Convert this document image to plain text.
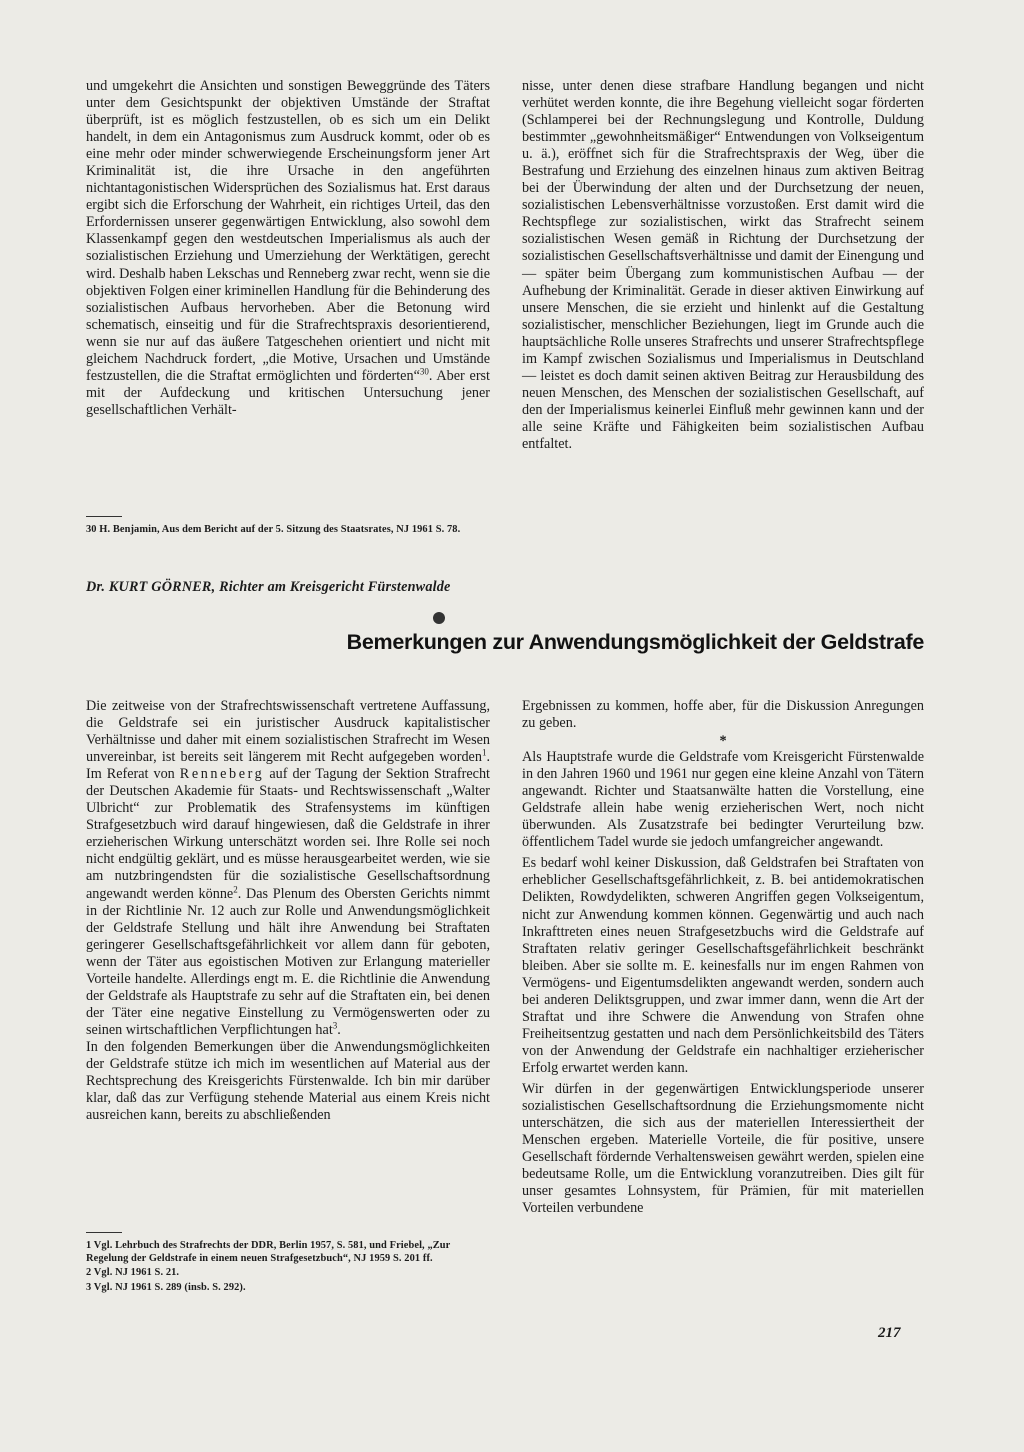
und umgekehrt die Ansichten und sonstigen Beweggründe des Täters unter dem Gesichtspunkt der objektiven Umstände der Straftat überprüft, ist es möglich festzustellen, ob es sich um ein Delikt handelt, in dem ein Antagonismus zum Ausdruck kommt, oder ob es eine mehr oder minder schwerwiegende Erscheinungsform jener Art Kriminalität ist, die ihre Ursache in den angeführten nichtantagonistischen Widersprüchen des Sozialismus hat. Erst daraus ergibt sich die Erforschung der Wahrheit, ein richtiges Urteil, das den Erfordernissen unserer gegenwärtigen Entwicklung, also sowohl dem Klassenkampf gegen den westdeutschen Imperialismus als auch der sozialistischen Erziehung und Umerziehung der Werktätigen, gerecht wird. Deshalb haben Lekschas und Renneberg zwar recht, wenn sie die objektiven Folgen einer kriminellen Handlung für die Behinderung des sozialistischen Aufbaus hervorheben. Aber die Betonung wird schematisch, einseitig und für die Strafrechtspraxis desorientierend, wenn sie nur auf das äußere Tatgeschehen orientiert und nicht mit gleichem Nachdruck fordert, „die Motive, Ursachen und Umstände festzustellen, die die Straftat ermöglichten und förderten“$^{30}$. Aber erst mit der Aufdeckung und kritischen Untersuchung jener gesellschaftlichen Verhält-

30 H. Benjamin, Aus dem Bericht auf der 5. Sitzung des Staatsrates, NJ 1961 S. 78.

nisse, unter denen diese strafbare Handlung begangen und nicht verhütet werden konnte, die ihre Begehung vielleicht sogar förderten (Schlamperei bei der Rechnungslegung und Kontrolle, Duldung bestimmter „gewohnheitsmäßiger“ Entwendungen von Volkseigentum u. ä.), eröffnet sich für die Strafrechtspraxis der Weg, über die Bestrafung und Erziehung des einzelnen hinaus zum aktiven Beitrag bei der Überwindung der alten und der Durchsetzung der neuen, sozialistischen Lebensverhältnisse vorzustoßen. Erst damit wird die Rechtspflege zur sozialistischen, wirkt das Strafrecht seinem sozialistischen Wesen gemäß in Richtung der Durchsetzung der sozialistischen Gesellschaftsverhältnisse und damit der Einengung und — später beim Übergang zum kommunistischen Aufbau — der Aufhebung der Kriminalität. Gerade in dieser aktiven Einwirkung auf unsere Menschen, die sie erzieht und hinlenkt auf die Gestaltung sozialistischer, menschlicher Beziehungen, liegt im Grunde auch die hauptsächliche Rolle unseres Strafrechts und unserer Strafrechtspflege im Kampf zwischen Sozialismus und Imperialismus in Deutschland — leistet es doch damit seinen aktiven Beitrag zur Herausbildung des neuen Menschen, des Menschen der sozialistischen Gesellschaft, auf den der Imperialismus keinerlei Einfluß mehr gewinnen kann und der alle seine Kräfte und Fähigkeiten beim sozialistischen Aufbau entfaltet.

Dr. KURT GÖRNER, Richter am Kreisgericht Fürstenwalde
Bemerkungen zur Anwendungsmöglichkeit der Geldstrafe

Die zeitweise von der Strafrechtswissenschaft vertretene Auffassung, die Geldstrafe sei ein juristischer Ausdruck kapitalistischer Verhältnisse und daher mit einem sozialistischen Strafrecht im Wesen unvereinbar, ist bereits seit längerem mit Recht aufgegeben worden$^1$. Im Referat von Renneberg auf der Tagung der Sektion Strafrecht der Deutschen Akademie für Staats- und Rechtswissenschaft „Walter Ulbricht“ zur Problematik des Strafensystems im künftigen Strafgesetzbuch wird darauf hingewiesen, daß die Geldstrafe in ihrer erzieherischen Wirkung unterschätzt worden sei. Ihre Rolle sei noch nicht endgültig geklärt, und es müsse herausgearbeitet werden, wie sie am nutzbringendsten für die sozialistische Gesellschaftsordnung angewandt werden könne$^2$. Das Plenum des Obersten Gerichts nimmt in der Richtlinie Nr. 12 auch zur Rolle und Anwendungsmöglichkeit der Geldstrafe Stellung und hält ihre Anwendung bei Straftaten geringerer Gesellschaftsgefährlichkeit vor allem dann für geboten, wenn der Täter aus egoistischen Motiven zur Erlangung materieller Vorteile handelte. Allerdings engt m. E. die Richtlinie die Anwendung der Geldstrafe als Hauptstrafe zu sehr auf die Straftaten ein, bei denen der Täter eine negative Einstellung zu Vermögenswerten oder zu seinen wirtschaftlichen Verpflichtungen hat$^3$.

In den folgenden Bemerkungen über die Anwendungsmöglichkeiten der Geldstrafe stütze ich mich im wesentlichen auf Material aus der Rechtsprechung des Kreisgerichts Fürstenwalde. Ich bin mir darüber klar, daß das zur Verfügung stehende Material aus einem Kreis nicht ausreichen kann, bereits zu abschließenden

1 Vgl. Lehrbuch des Strafrechts der DDR, Berlin 1957, S. 581, und Friebel, „Zur Regelung der Geldstrafe in einem neuen Strafgesetzbuch“, NJ 1959 S. 201 ff.
2 Vgl. NJ 1961 S. 21.
3 Vgl. NJ 1961 S. 289 (insb. S. 292).

Ergebnissen zu kommen, hoffe aber, für die Diskussion Anregungen zu geben.

*

Als Hauptstrafe wurde die Geldstrafe vom Kreisgericht Fürstenwalde in den Jahren 1960 und 1961 nur gegen eine kleine Anzahl von Tätern angewandt. Richter und Staatsanwälte hatten die Vorstellung, eine Geldstrafe allein habe wenig erzieherischen Wert, noch nicht überwunden. Als Zusatzstrafe bei bedingter Verurteilung bzw. öffentlichem Tadel wurde sie jedoch umfangreicher angewandt.

Es bedarf wohl keiner Diskussion, daß Geldstrafen bei Straftaten von erheblicher Gesellschaftsgefährlichkeit, z. B. bei antidemokratischen Delikten, Rowdydelikten, schweren Angriffen gegen Volkseigentum, nicht zur Anwendung kommen können. Gegenwärtig und auch nach Inkrafttreten eines neuen Strafgesetzbuchs wird die Geldstrafe auf Straftaten relativ geringer Gesellschaftsgefährlichkeit beschränkt bleiben. Aber sie sollte m. E. keinesfalls nur im engen Rahmen von Vermögens- und Eigentumsdelikten angewandt werden, sondern auch bei anderen Deliktsgruppen, und zwar immer dann, wenn die Art der Straftat und ihre Schwere die Anwendung von Strafen ohne Freiheitsentzug gestatten und nach dem Persönlichkeitsbild des Täters von der Anwendung der Geldstrafe ein nachhaltiger erzieherischer Erfolg erwartet werden kann.

Wir dürfen in der gegenwärtigen Entwicklungsperiode unserer sozialistischen Gesellschaftsordnung die Erziehungsmomente nicht unterschätzen, die sich aus der materiellen Interessiertheit der Menschen ergeben. Materielle Vorteile, die für positive, unsere Gesellschaft fördernde Verhaltensweisen gewährt werden, spielen eine bedeutsame Rolle, um die Entwicklung voranzutreiben. Dies gilt für unser gesamtes Lohnsystem, für Prämien, für mit materiellen Vorteilen verbundene

217
